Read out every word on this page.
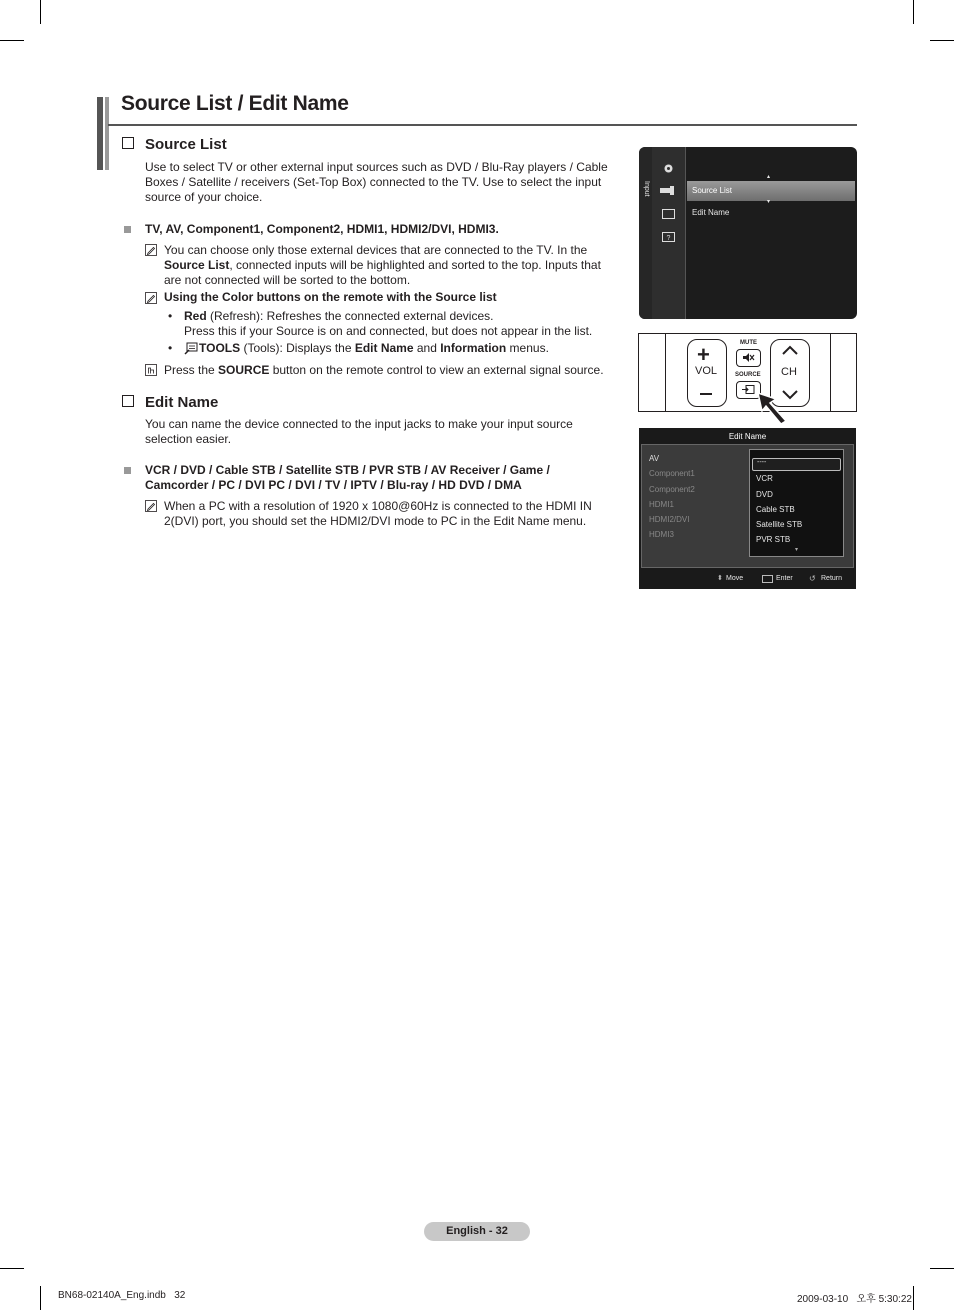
Source List / Edit Name
Source List
Use to select TV or other external input sources such as DVD / Blu-Ray players / Cable Boxes / Satellite / receivers (Set-Top Box) connected to the TV. Use to select the input source of your choice.
TV, AV, Component1, Component2, HDMI1, HDMI2/DVI, HDMI3.
You can choose only those external devices that are connected to the TV. In the
Source List, connected inputs will be highlighted and sorted to the top. Inputs that
are not connected will be sorted to the bottom.
Using the Color buttons on the remote with the Source list
• Red (Refresh): Refreshes the connected external devices.
Press this if your Source is on and connected, but does not appear in the list.
• TOOLS (Tools): Displays the Edit Name and Information menus.
Press the SOURCE button on the remote control to view an external signal source.
Edit Name
You can name the device connected to the input jacks to make your input source selection easier.
VCR / DVD / Cable STB / Satellite STB / PVR STB / AV Receiver / Game /
Camcorder / PC / DVI PC / DVI / TV / IPTV / Blu-ray / HD DVD / DMA
When a PC with a resolution of 1920 x 1080@60Hz is connected to the HDMI IN
2(DVI) port, you should set the HDMI2/DVI mode to PC in the Edit Name menu.
Input
?
Source List
Edit Name
▴
▾
+
VOL	CH
MUTE
SOURCE
Edit Name
AV
Component1
Component2
HDMI1
HDMI2/DVI
HDMI3
----
VCR
DVD
Cable STB
Satellite STB
PVR STB
▾
⬍ Move	Enter ↺ Return
English - 32
BN68-02140A_Eng.indb   32	2009-03-10   오후 5:30:22
